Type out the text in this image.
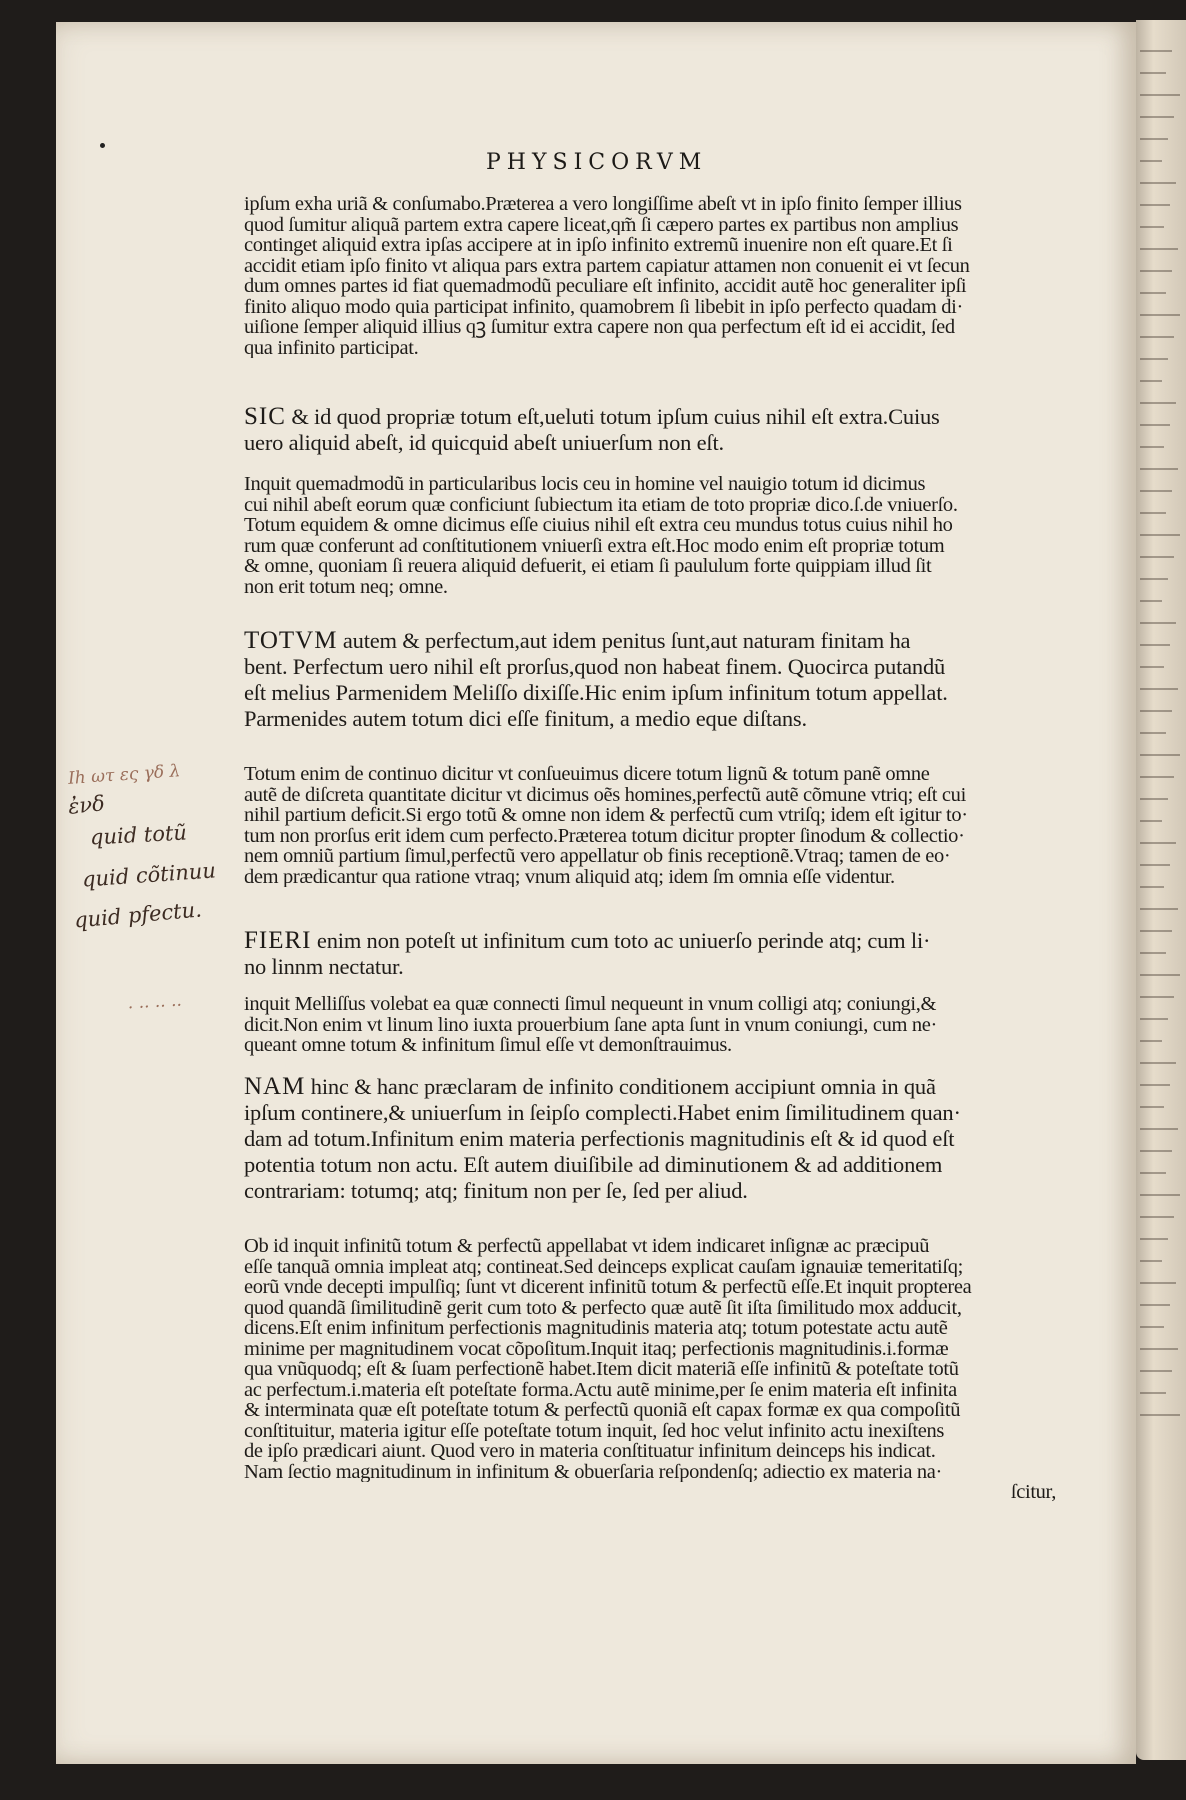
PHYSICORVM
ipſum exha uriã & conſumabo.Præterea a vero longiſſime abeſt vt in ipſo finito ſemper illius
quod ſumitur aliquã partem extra capere liceat,qm̃ ſi cæpero partes ex partibus non amplius
continget aliquid extra ipſas accipere at in ipſo infinito extremũ inuenire non eſt quare.Et ſi
accidit etiam ipſo finito vt aliqua pars extra partem capiatur attamen non conuenit ei vt ſecun
dum omnes partes id fiat quemadmodũ peculiare eſt infinito, accidit autẽ hoc generaliter ipſi
finito aliquo modo quia participat infinito, quamobrem ſi libebit in ipſo perfecto quadam di·
uiſione ſemper aliquid illius qꝫ ſumitur extra capere non qua perfectum eſt id ei accidit, ſed
qua infinito participat.
SIC & id quod propriæ totum eſt,ueluti totum ipſum cuius nihil eſt extra.Cuius
uero aliquid abeſt, id quicquid abeſt uniuerſum non eſt.
Inquit quemadmodũ in particularibus locis ceu in homine vel nauigio totum id dicimus
cui nihil abeſt eorum quæ conficiunt ſubiectum ita etiam de toto propriæ dico.ſ.de vniuerſo.
Totum equidem & omne dicimus eſſe ciuius nihil eſt extra ceu mundus totus cuius nihil ho
rum quæ conferunt ad conſtitutionem vniuerſi extra eſt.Hoc modo enim eſt propriæ totum
& omne, quoniam ſi reuera aliquid defuerit, ei etiam ſi paululum forte quippiam illud ſit
non erit totum neq; omne.
TOTVM autem & perfectum,aut idem penitus ſunt,aut naturam finitam ha
bent. Perfectum uero nihil eſt prorſus,quod non habeat finem. Quocirca putandũ
eſt melius Parmenidem Meliſſo dixiſſe.Hic enim ipſum infinitum totum appellat.
Parmenides autem totum dici eſſe finitum, a medio eque diſtans.
Totum enim de continuo dicitur vt conſueuimus dicere totum lignũ & totum panẽ omne
autẽ de diſcreta quantitate dicitur vt dicimus oẽs homines,perfectũ autẽ cõmune vtriq; eſt cui
nihil partium deficit.Si ergo totũ & omne non idem & perfectũ cum vtriſq; idem eſt igitur to·
tum non prorſus erit idem cum perfecto.Præterea totum dicitur propter ſinodum & collectio·
nem omniũ partium ſimul,perfectũ vero appellatur ob finis receptionẽ.Vtraq; tamen de eo·
dem prædicantur qua ratione vtraq; vnum aliquid atq; idem ſm omnia eſſe videntur.
FIERI enim non poteſt ut infinitum cum toto ac uniuerſo perinde atq; cum li·
no linnm nectatur.
inquit Melliſſus volebat ea quæ connecti ſimul nequeunt in vnum colligi atq; coniungi,&
dicit.Non enim vt linum lino iuxta prouerbium ſane apta ſunt in vnum coniungi, cum ne·
queant omne totum & infinitum ſimul eſſe vt demonſtrauimus.
NAM hinc & hanc præclaram de infinito conditionem accipiunt omnia in quã
ipſum continere,& uniuerſum in ſeipſo complecti.Habet enim ſimilitudinem quan·
dam ad totum.Infinitum enim materia perfectionis magnitudinis eſt & id quod eſt
potentia totum non actu. Eſt autem diuiſibile ad diminutionem & ad additionem
contrariam: totumq; atq; finitum non per ſe, ſed per aliud.
Ob id inquit infinitũ totum & perfectũ appellabat vt idem indicaret inſignæ ac præcipuũ
eſſe tanquã omnia impleat atq; contineat.Sed deinceps explicat cauſam ignauiæ temeritatiſq;
eorũ vnde decepti impulſiq; ſunt vt dicerent infinitũ totum & perfectũ eſſe.Et inquit propterea
quod quandã ſimilitudinẽ gerit cum toto & perfecto quæ autẽ ſit iſta ſimilitudo mox adducit,
dicens.Eſt enim infinitum perfectionis magnitudinis materia atq; totum potestate actu autẽ
minime per magnitudinem vocat cõpoſitum.Inquit itaq; perfectionis magnitudinis.i.formæ
qua vnũquodq; eſt & ſuam perfectionẽ habet.Item dicit materiã eſſe infinitũ & poteſtate totũ
ac perfectum.i.materia eſt poteſtate forma.Actu autẽ minime,per ſe enim materia eſt infinita
& interminata quæ eſt poteſtate totum & perfectũ quoniã eſt capax formæ ex qua compoſitũ
conſtituitur, materia igitur eſſe poteſtate totum inquit, ſed hoc velut infinito actu inexiſtens
de ipſo prædicari aiunt. Quod vero in materia conſtituatur infinitum deinceps his indicat.
Nam ſectio magnitudinum in infinitum & obuerſaria reſpondenſq; adiectio ex materia na·
ſcitur,
Ιh ωτ ες γδ λ
ἐνδ
quid totũ
quid cõtinuu
quid pfectu.
· ·· ·· ··
